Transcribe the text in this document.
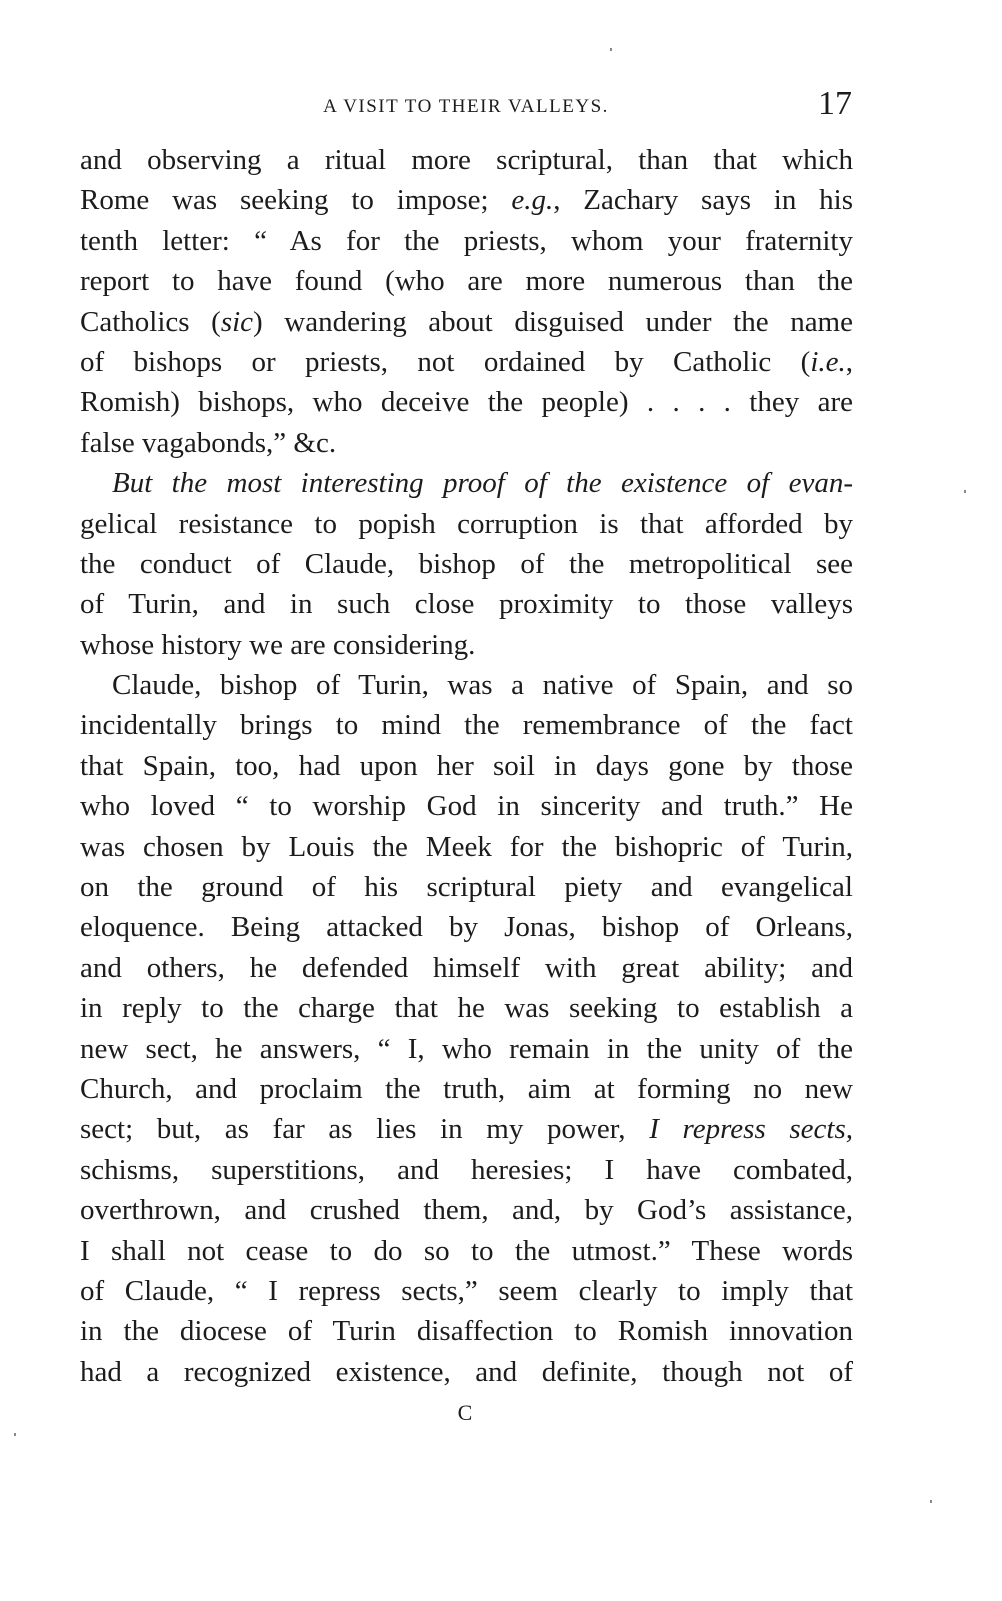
A VISIT TO THEIR VALLEYS.	17

and observing a ritual more scriptural, than that which
Rome was seeking to impose; e.g., Zachary says in his
tenth letter: “ As for the priests, whom your fraternity
report to have found (who are more numerous than the
Catholics (sic) wandering about disguised under the name
of bishops or priests, not ordained by Catholic (i.e.,
Romish) bishops, who deceive the people) . . . . they are
false vagabonds,” &c.

But the most interesting proof of the existence of evan-
gelical resistance to popish corruption is that afforded by
the conduct of Claude, bishop of the metropolitical see
of Turin, and in such close proximity to those valleys
whose history we are considering.

Claude, bishop of Turin, was a native of Spain, and so
incidentally brings to mind the remembrance of the fact
that Spain, too, had upon her soil in days gone by those
who loved “ to worship God in sincerity and truth.” He
was chosen by Louis the Meek for the bishopric of Turin,
on the ground of his scriptural piety and evangelical
eloquence. Being attacked by Jonas, bishop of Orleans,
and others, he defended himself with great ability; and
in reply to the charge that he was seeking to establish a
new sect, he answers, “ I, who remain in the unity of the
Church, and proclaim the truth, aim at forming no new
sect; but, as far as lies in my power, I repress sects,
schisms, superstitions, and heresies; I have combated,
overthrown, and crushed them, and, by God’s assistance,
I shall not cease to do so to the utmost.” These words
of Claude, “ I repress sects,” seem clearly to imply that
in the diocese of Turin disaffection to Romish innovation
had a recognized existence, and definite, though not of

C
